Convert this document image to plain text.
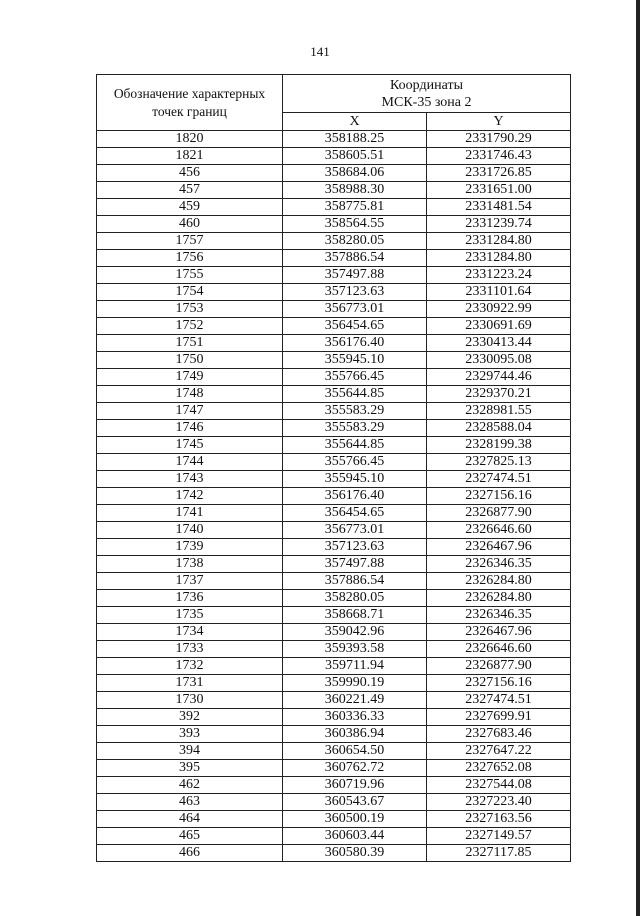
141
Обозначение характерных точек границ	Координаты
МСК-35 зона 2	
	X	Y
1820	358188.25	2331790.29
1821	358605.51	2331746.43
456	358684.06	2331726.85
457	358988.30	2331651.00
459	358775.81	2331481.54
460	358564.55	2331239.74
1757	358280.05	2331284.80
1756	357886.54	2331284.80
1755	357497.88	2331223.24
1754	357123.63	2331101.64
1753	356773.01	2330922.99
1752	356454.65	2330691.69
1751	356176.40	2330413.44
1750	355945.10	2330095.08
1749	355766.45	2329744.46
1748	355644.85	2329370.21
1747	355583.29	2328981.55
1746	355583.29	2328588.04
1745	355644.85	2328199.38
1744	355766.45	2327825.13
1743	355945.10	2327474.51
1742	356176.40	2327156.16
1741	356454.65	2326877.90
1740	356773.01	2326646.60
1739	357123.63	2326467.96
1738	357497.88	2326346.35
1737	357886.54	2326284.80
1736	358280.05	2326284.80
1735	358668.71	2326346.35
1734	359042.96	2326467.96
1733	359393.58	2326646.60
1732	359711.94	2326877.90
1731	359990.19	2327156.16
1730	360221.49	2327474.51
392	360336.33	2327699.91
393	360386.94	2327683.46
394	360654.50	2327647.22
395	360762.72	2327652.08
462	360719.96	2327544.08
463	360543.67	2327223.40
464	360500.19	2327163.56
465	360603.44	2327149.57
466	360580.39	2327117.85
